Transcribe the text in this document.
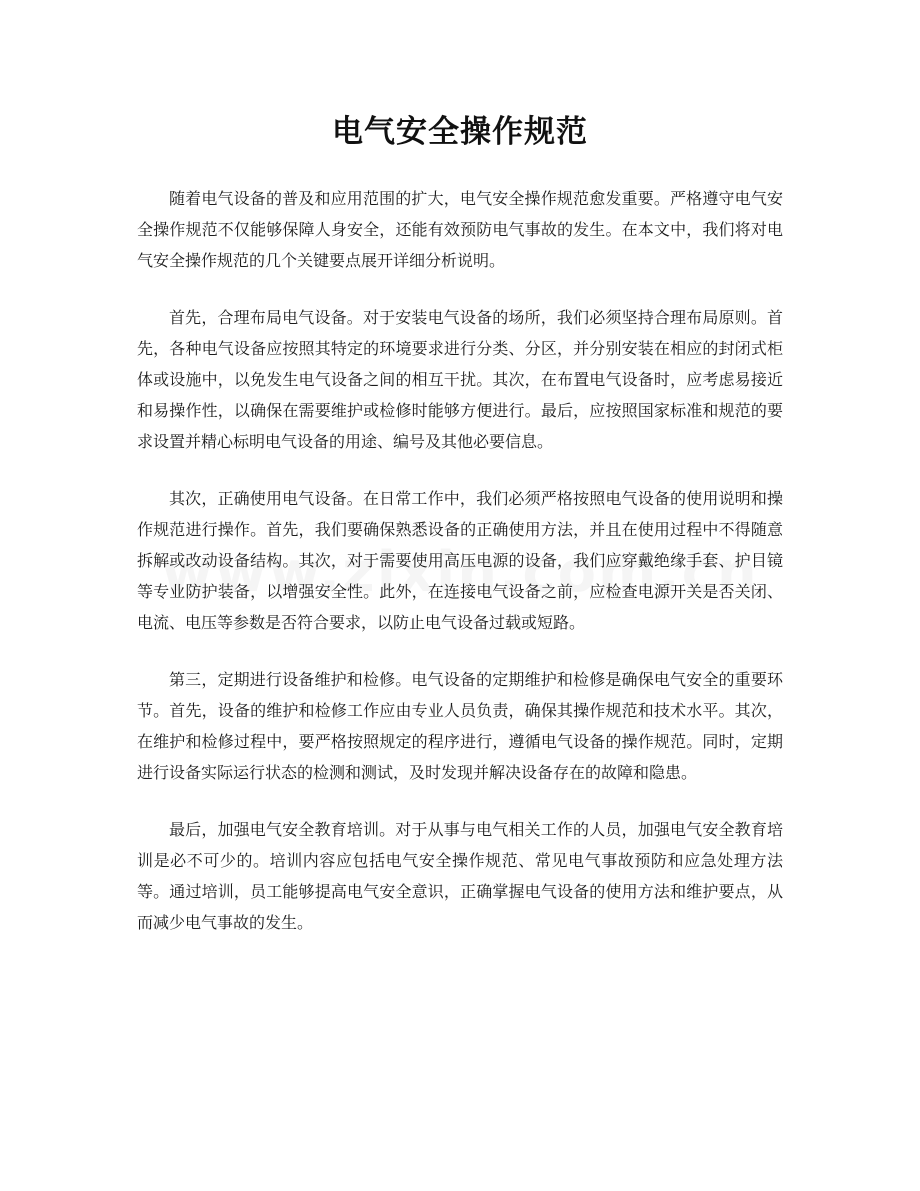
电气安全操作规范

随着电气设备的普及和应用范围的扩大，电气安全操作规范愈发重要。严格遵守电气安全操作规范不仅能够保障人身安全，还能有效预防电气事故的发生。在本文中，我们将对电气安全操作规范的几个关键要点展开详细分析说明。

首先，合理布局电气设备。对于安装电气设备的场所，我们必须坚持合理布局原则。首先，各种电气设备应按照其特定的环境要求进行分类、分区，并分别安装在相应的封闭式柜体或设施中，以免发生电气设备之间的相互干扰。其次，在布置电气设备时，应考虑易接近和易操作性，以确保在需要维护或检修时能够方便进行。最后，应按照国家标准和规范的要求设置并精心标明电气设备的用途、编号及其他必要信息。

其次，正确使用电气设备。在日常工作中，我们必须严格按照电气设备的使用说明和操作规范进行操作。首先，我们要确保熟悉设备的正确使用方法，并且在使用过程中不得随意拆解或改动设备结构。其次，对于需要使用高压电源的设备，我们应穿戴绝缘手套、护目镜等专业防护装备，以增强安全性。此外，在连接电气设备之前，应检查电源开关是否关闭、电流、电压等参数是否符合要求，以防止电气设备过载或短路。

第三，定期进行设备维护和检修。电气设备的定期维护和检修是确保电气安全的重要环节。首先，设备的维护和检修工作应由专业人员负责，确保其操作规范和技术水平。其次，在维护和检修过程中，要严格按照规定的程序进行，遵循电气设备的操作规范。同时，定期进行设备实际运行状态的检测和测试，及时发现并解决设备存在的故障和隐患。

最后，加强电气安全教育培训。对于从事与电气相关工作的人员，加强电气安全教育培训是必不可少的。培训内容应包括电气安全操作规范、常见电气事故预防和应急处理方法等。通过培训，员工能够提高电气安全意识，正确掌握电气设备的使用方法和维护要点，从而减少电气事故的发生。
